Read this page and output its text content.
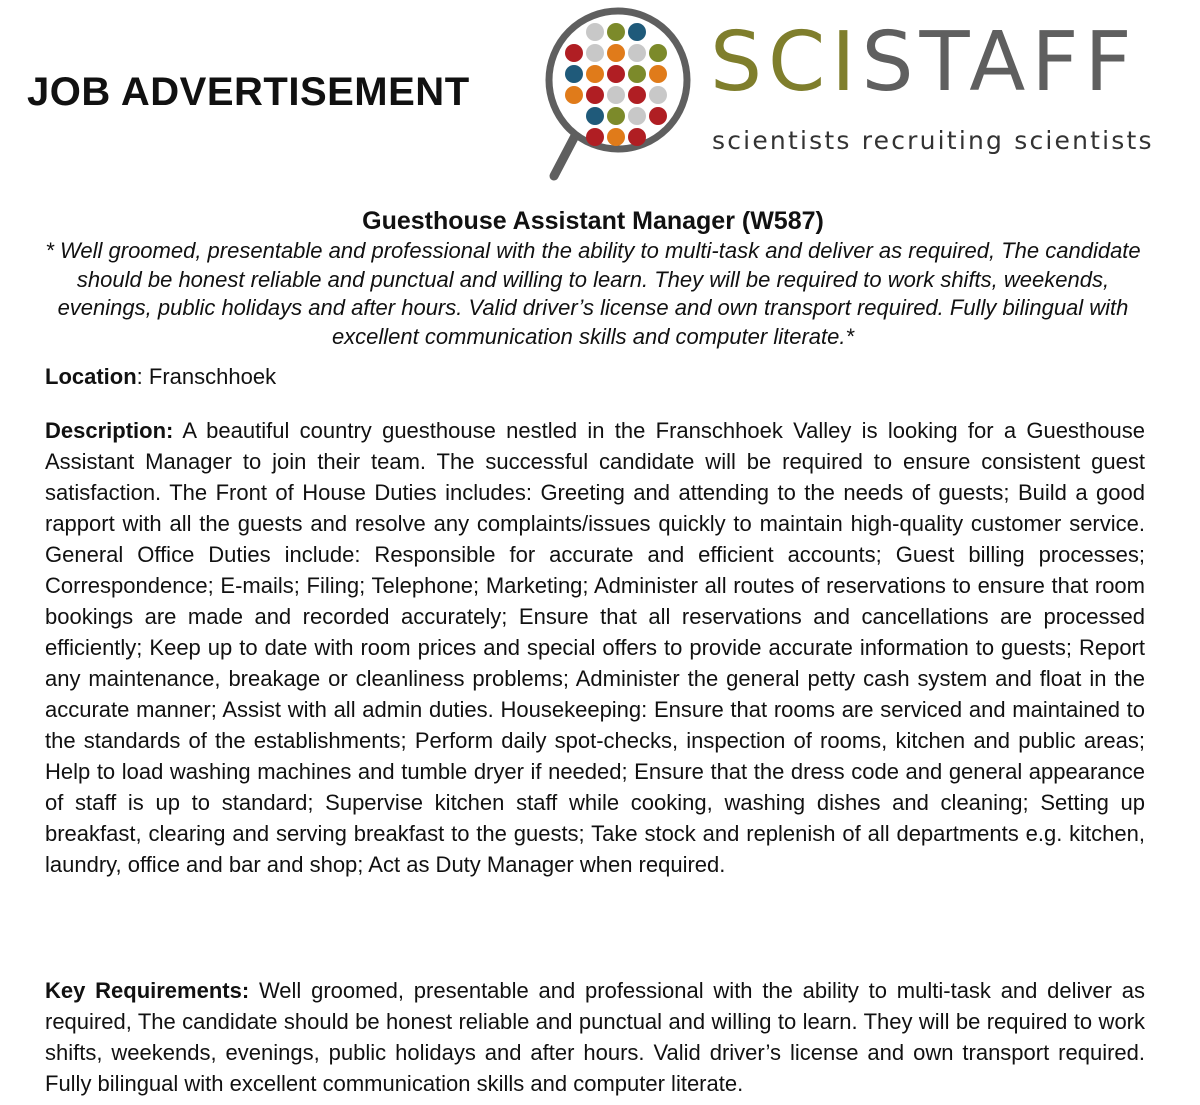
JOB ADVERTISEMENT	SCISTAFF
scientists recruiting scientists
Guesthouse Assistant Manager (W587)
* Well groomed, presentable and professional with the ability to multi-task and deliver as required, The candidate should be honest reliable and punctual and willing to learn. They will be required to work shifts, weekends, evenings, public holidays and after hours. Valid driver’s license and own transport required. Fully bilingual with excellent communication skills and computer literate.*
Location: Franschhoek
Description: A beautiful country guesthouse nestled in the Franschhoek Valley is looking for a Guesthouse Assistant Manager to join their team. The successful candidate will be required to ensure consistent guest satisfaction. The Front of House Duties includes: Greeting and attending to the needs of guests; Build a good rapport with all the guests and resolve any complaints/issues quickly to maintain high-quality customer service. General Office Duties include: Responsible for accurate and efficient accounts; Guest billing processes; Correspondence; E-mails; Filing; Telephone; Marketing; Administer all routes of reservations to ensure that room bookings are made and recorded accurately; Ensure that all reservations and cancellations are processed efficiently; Keep up to date with room prices and special offers to provide accurate information to guests; Report any maintenance, breakage or cleanliness problems; Administer the general petty cash system and float in the accurate manner; Assist with all admin duties. Housekeeping: Ensure that rooms are serviced and maintained to the standards of the establishments; Perform daily spot-checks, inspection of rooms, kitchen and public areas; Help to load washing machines and tumble dryer if needed; Ensure that the dress code and general appearance of staff is up to standard; Supervise kitchen staff while cooking, washing dishes and cleaning; Setting up breakfast, clearing and serving breakfast to the guests; Take stock and replenish of all departments e.g. kitchen, laundry, office and bar and shop; Act as Duty Manager when required.
Key Requirements: Well groomed, presentable and professional with the ability to multi-task and deliver as required, The candidate should be honest reliable and punctual and willing to learn. They will be required to work shifts, weekends, evenings, public holidays and after hours. Valid driver’s license and own transport required. Fully bilingual with excellent communication skills and computer literate.
